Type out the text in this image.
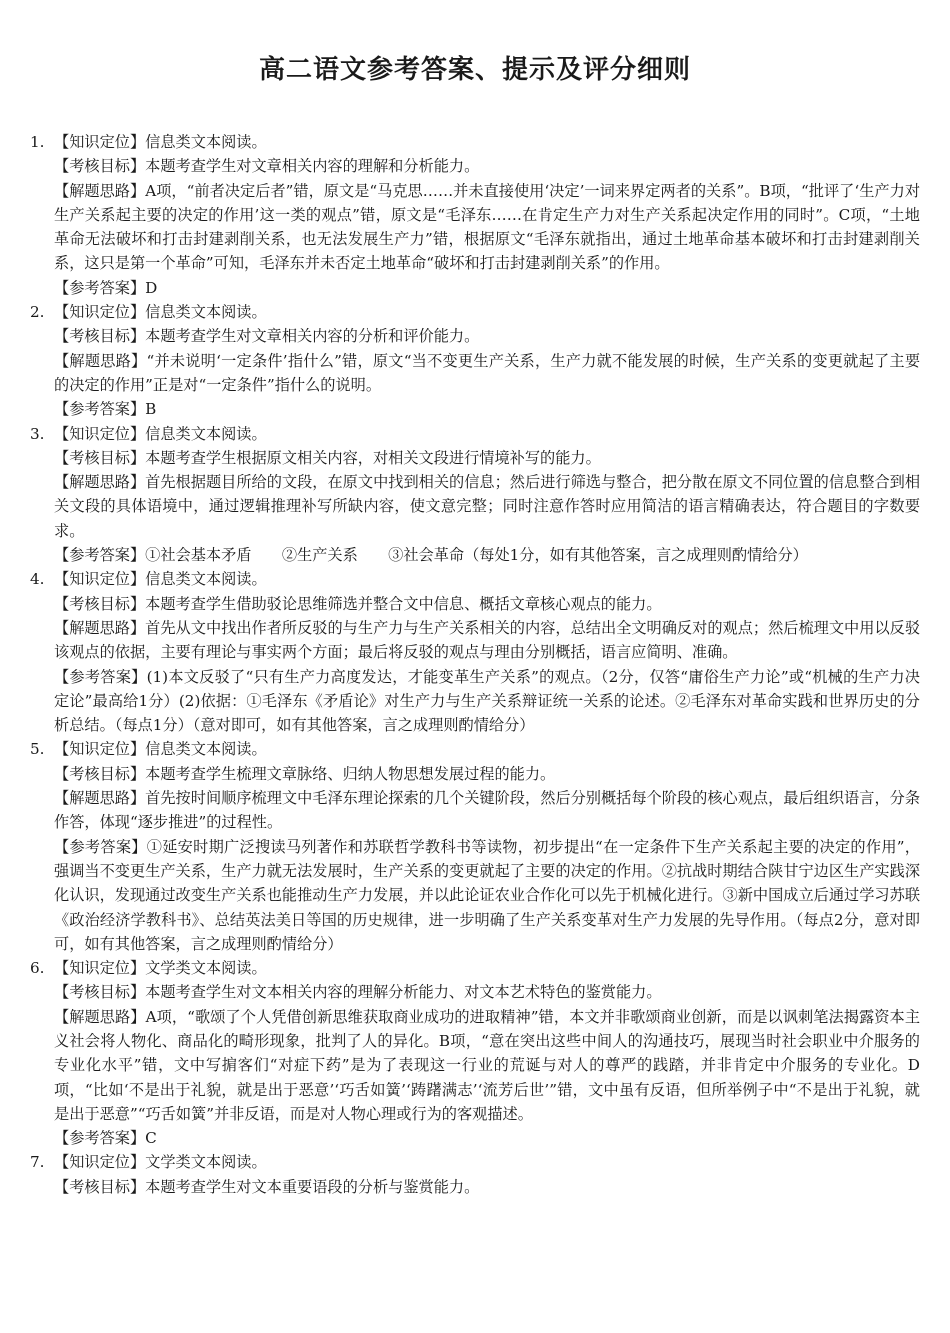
高二语文参考答案、提示及评分细则

1. 【知识定位】信息类文本阅读。

【考核目标】本题考查学生对文章相关内容的理解和分析能力。

【解题思路】A项，“前者决定后者”错，原文是“马克思……并未直接使用‘决定’一词来界定两者的关系”。B项，“批评了‘生产力对生产关系起主要的决定的作用’这一类的观点”错，原文是“毛泽东……在肯定生产力对生产关系起决定作用的同时”。C项，“土地革命无法破坏和打击封建剥削关系，也无法发展生产力”错，根据原文“毛泽东就指出，通过土地革命基本破坏和打击封建剥削关系，这只是第一个革命”可知，毛泽东并未否定土地革命“破坏和打击封建剥削关系”的作用。

【参考答案】D

2. 【知识定位】信息类文本阅读。

【考核目标】本题考查学生对文章相关内容的分析和评价能力。

【解题思路】“并未说明‘一定条件’指什么”错，原文“当不变更生产关系，生产力就不能发展的时候，生产关系的变更就起了主要的决定的作用”正是对“一定条件”指什么的说明。

【参考答案】B

3. 【知识定位】信息类文本阅读。

【考核目标】本题考查学生根据原文相关内容，对相关文段进行情境补写的能力。

【解题思路】首先根据题目所给的文段，在原文中找到相关的信息；然后进行筛选与整合，把分散在原文不同位置的信息整合到相关文段的具体语境中，通过逻辑推理补写所缺内容，使文意完整；同时注意作答时应用简洁的语言精确表达，符合题目的字数要求。

【参考答案】①社会基本矛盾　　②生产关系　　③社会革命（每处1分，如有其他答案，言之成理则酌情给分）

4. 【知识定位】信息类文本阅读。

【考核目标】本题考查学生借助驳论思维筛选并整合文中信息、概括文章核心观点的能力。

【解题思路】首先从文中找出作者所反驳的与生产力与生产关系相关的内容，总结出全文明确反对的观点；然后梳理文中用以反驳该观点的依据，主要有理论与事实两个方面；最后将反驳的观点与理由分别概括，语言应简明、准确。

【参考答案】(1)本文反驳了“只有生产力高度发达，才能变革生产关系”的观点。（2分，仅答“庸俗生产力论”或“机械的生产力决定论”最高给1分）(2)依据：①毛泽东《矛盾论》对生产力与生产关系辩证统一关系的论述。②毛泽东对革命实践和世界历史的分析总结。（每点1分）（意对即可，如有其他答案，言之成理则酌情给分）

5. 【知识定位】信息类文本阅读。

【考核目标】本题考查学生梳理文章脉络、归纳人物思想发展过程的能力。

【解题思路】首先按时间顺序梳理文中毛泽东理论探索的几个关键阶段，然后分别概括每个阶段的核心观点，最后组织语言，分条作答，体现“逐步推进”的过程性。

【参考答案】①延安时期广泛搜读马列著作和苏联哲学教科书等读物，初步提出“在一定条件下生产关系起主要的决定的作用”，强调当不变更生产关系，生产力就无法发展时，生产关系的变更就起了主要的决定的作用。②抗战时期结合陕甘宁边区生产实践深化认识，发现通过改变生产关系也能推动生产力发展，并以此论证农业合作化可以先于机械化进行。③新中国成立后通过学习苏联《政治经济学教科书》、总结英法美日等国的历史规律，进一步明确了生产关系变革对生产力发展的先导作用。（每点2分，意对即可，如有其他答案，言之成理则酌情给分）

6. 【知识定位】文学类文本阅读。

【考核目标】本题考查学生对文本相关内容的理解分析能力、对文本艺术特色的鉴赏能力。

【解题思路】A项，“歌颂了个人凭借创新思维获取商业成功的进取精神”错，本文并非歌颂商业创新，而是以讽刺笔法揭露资本主义社会将人物化、商品化的畸形现象，批判了人的异化。B项，“意在突出这些中间人的沟通技巧，展现当时社会职业中介服务的专业化水平”错，文中写掮客们“对症下药”是为了表现这一行业的荒诞与对人的尊严的践踏，并非肯定中介服务的专业化。D项，“比如‘不是出于礼貌，就是出于恶意’‘巧舌如簧’‘踌躇满志’‘流芳后世’”错，文中虽有反语，但所举例子中“不是出于礼貌，就是出于恶意”“巧舌如簧”并非反语，而是对人物心理或行为的客观描述。

【参考答案】C

7. 【知识定位】文学类文本阅读。

【考核目标】本题考查学生对文本重要语段的分析与鉴赏能力。
